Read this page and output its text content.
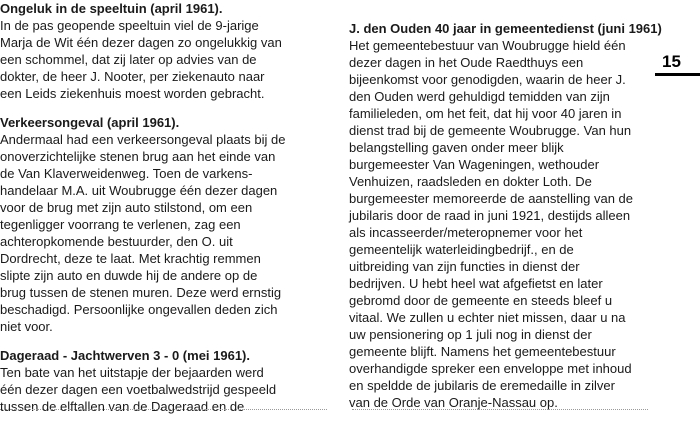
Ongeluk in de speeltuin (april 1961).
In de pas geopende speeltuin viel de 9-jarige
Marja de Wit één dezer dagen zo ongelukkig van
een schommel, dat zij later op advies van de
dokter, de heer J. Nooter, per ziekenauto naar
een Leids ziekenhuis moest worden gebracht.
Verkeersongeval (april 1961).
Andermaal had een verkeersongeval plaats bij de
onoverzichtelijke stenen brug aan het einde van
de Van Klaverweidenweg. Toen de varkens-
handelaar M.A. uit Woubrugge één dezer dagen
voor de brug met zijn auto stilstond, om een
tegenligger voorrang te verlenen, zag een
achteropkomende bestuurder, den O. uit
Dordrecht, deze te laat. Met krachtig remmen
slipte zijn auto en duwde hij de andere op de
brug tussen de stenen muren. Deze werd ernstig
beschadigd. Persoonlijke ongevallen deden zich
niet voor.
Dageraad - Jachtwerven 3 - 0 (mei 1961).
Ten bate van het uitstapje der bejaarden werd
één dezer dagen een voetbalwedstrijd gespeeld
tussen de elftallen van de Dageraad en de
J. den Ouden 40 jaar in gemeentedienst (juni 1961)
Het gemeentebestuur van Woubrugge hield één
dezer dagen in het Oude Raedthuys een
bijeenkomst voor genodigden, waarin de heer J.
den Ouden werd gehuldigd temidden van zijn
familieleden, om het feit, dat hij voor 40 jaren in
dienst trad bij de gemeente Woubrugge. Van hun
belangstelling gaven onder meer blijk
burgemeester Van Wageningen, wethouder
Venhuizen, raadsleden en dokter Loth. De
burgemeester memoreerde de aanstelling van de
jubilaris door de raad in juni 1921, destijds alleen
als incasseerder/meteropnemer voor het
gemeentelijk waterleidingbedrijf., en de
uitbreiding van zijn functies in dienst der
bedrijven. U hebt heel wat afgefietst en later
gebromd door de gemeente en steeds bleef u
vitaal. We zullen u echter niet missen, daar u na
uw pensionering op 1 juli nog in dienst der
gemeente blijft. Namens het gemeentebestuur
overhandigde spreker een enveloppe met inhoud
en speldde de jubilaris de eremedaille in zilver
van de Orde van Oranje-Nassau op.
15
